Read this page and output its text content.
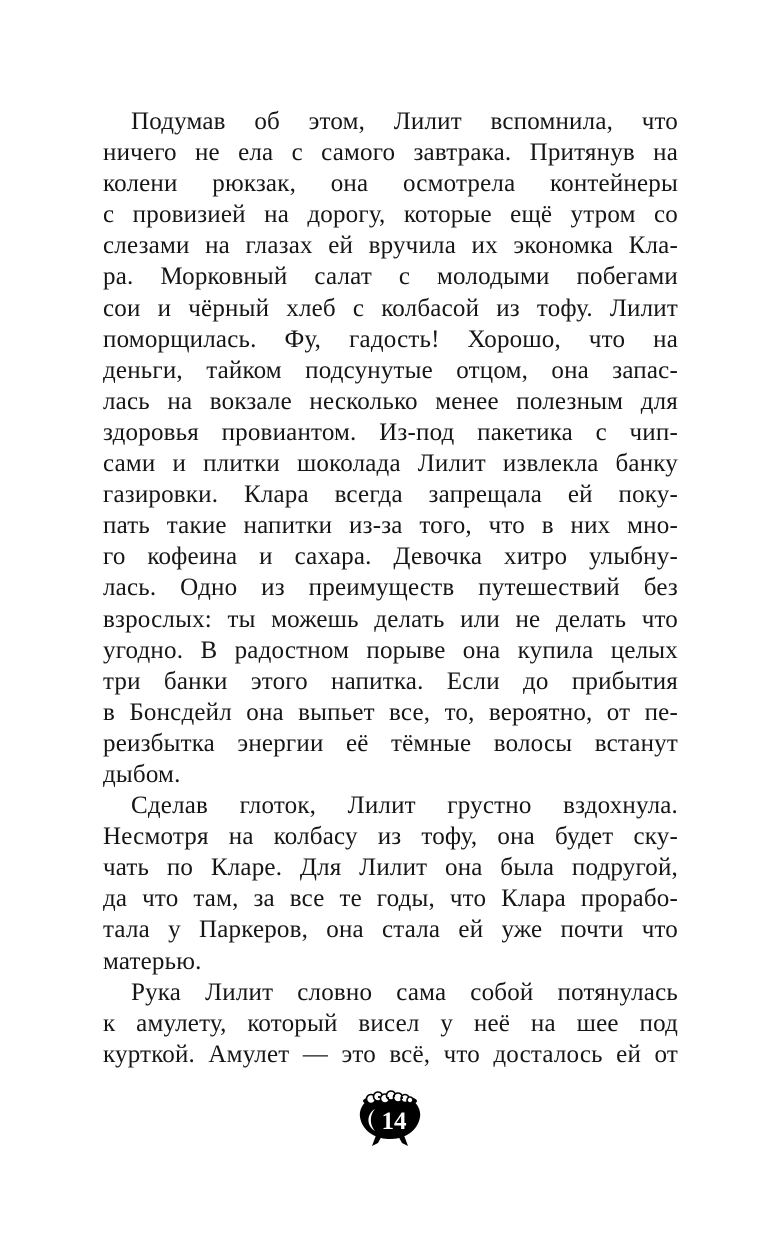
Подумав об этом, Лилит вспомнила, что
ничего не ела с самого завтрака. Притянув на
колени рюкзак, она осмотрела контейнеры
с провизией на дорогу, которые ещё утром со
слезами на глазах ей вручила их экономка Кла-
ра. Морковный салат с молодыми побегами
сои и чёрный хлеб с колбасой из тофу. Лилит
поморщилась. Фу, гадость! Хорошо, что на
деньги, тайком подсунутые отцом, она запас-
лась на вокзале несколько менее полезным для
здоровья провиантом. Из-под пакетика с чип-
сами и плитки шоколада Лилит извлекла банку
газировки. Клара всегда запрещала ей поку-
пать такие напитки из-за того, что в них мно-
го кофеина и сахара. Девочка хитро улыбну-
лась. Одно из преимуществ путешествий без
взрослых: ты можешь делать или не делать что
угодно. В радостном порыве она купила целых
три банки этого напитка. Если до прибытия
в Бонсдейл она выпьет все, то, вероятно, от пе-
реизбытка энергии её тёмные волосы встанут
дыбом.
Сделав глоток, Лилит грустно вздохнула.
Несмотря на колбасу из тофу, она будет ску-
чать по Кларе. Для Лилит она была подругой,
да что там, за все те годы, что Клара прорабо-
тала у Паркеров, она стала ей уже почти что
матерью.
Рука Лилит словно сама собой потянулась
к амулету, который висел у неё на шее под
курткой. Амулет — это всё, что досталось ей от
14
